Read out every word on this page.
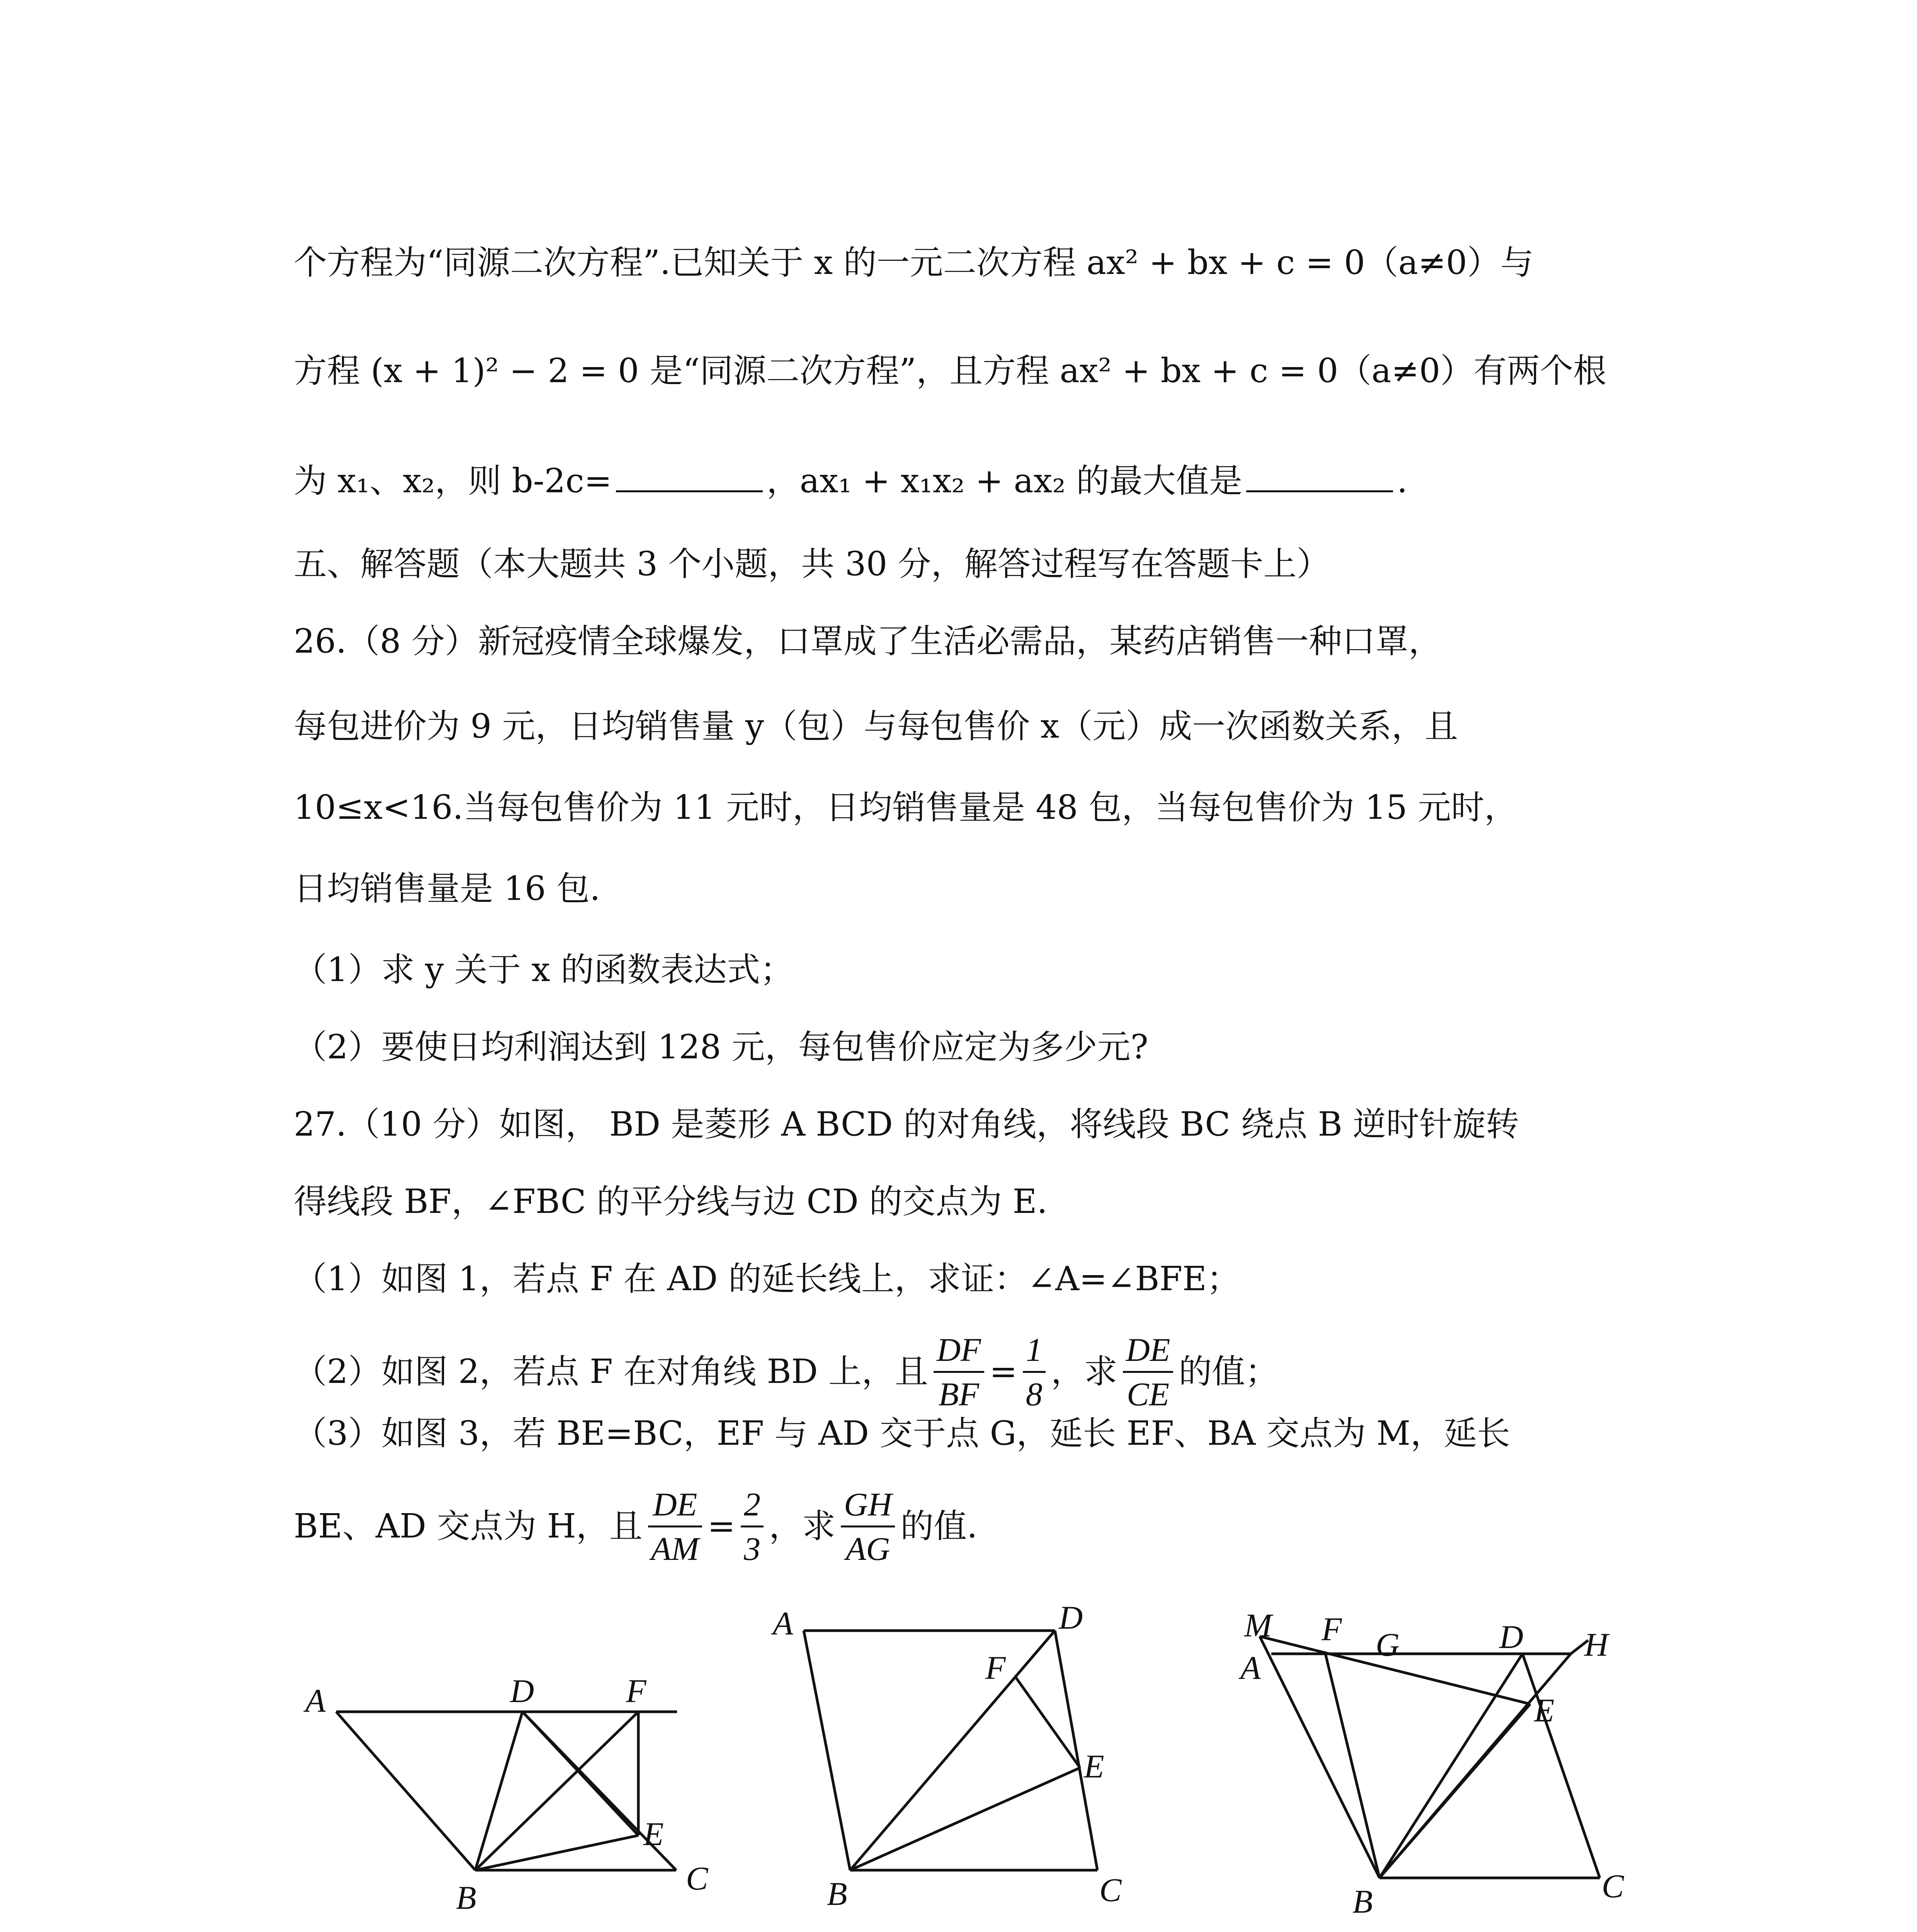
个方程为“同源二次方程”.已知关于 x 的一元二次方程 ax² + bx + c = 0（a≠0）与
方程 (x + 1)² − 2 = 0 是“同源二次方程”，且方程 ax² + bx + c = 0（a≠0）有两个根
为 x₁、x₂，则 b-2c=	，ax₁ + x₁x₂ + ax₂ 的最大值是	.
五、解答题（本大题共 3 个小题，共 30 分，解答过程写在答题卡上）
26.（8 分）新冠疫情全球爆发，口罩成了生活必需品，某药店销售一种口罩，
每包进价为 9 元，日均销售量 y（包）与每包售价 x（元）成一次函数关系，且
10≤x<16.当每包售价为 11 元时，日均销售量是 48 包，当每包售价为 15 元时，
日均销售量是 16 包.
（1）求 y 关于 x 的函数表达式；
（2）要使日均利润达到 128 元，每包售价应定为多少元?
27.（10 分）如图， BD 是菱形 A BCD 的对角线，将线段 BC 绕点 B 逆时针旋转
得线段 BF，∠FBC 的平分线与边 CD 的交点为 E.
（1）如图 1，若点 F 在 AD 的延长线上，求证：∠A=∠BFE；
（2）如图 2，若点 F 在对角线 BD 上，且 $\frac{DF}{BF} = \frac{1}{8}$ ，求 $\frac{DE}{CE}$ 的值；
（3）如图 3，若 BE=BC，EF 与 AD 交于点 G，延长 EF、BA 交点为 M，延长
BE、AD 交点为 H，且 $\frac{DE}{AM} = \frac{2}{3}$ ，求 $\frac{GH}{AG}$ 的值.
A	D	F
E
B
C
A	D
F
E
B	C
M
A
F G	D H
E
B	C
